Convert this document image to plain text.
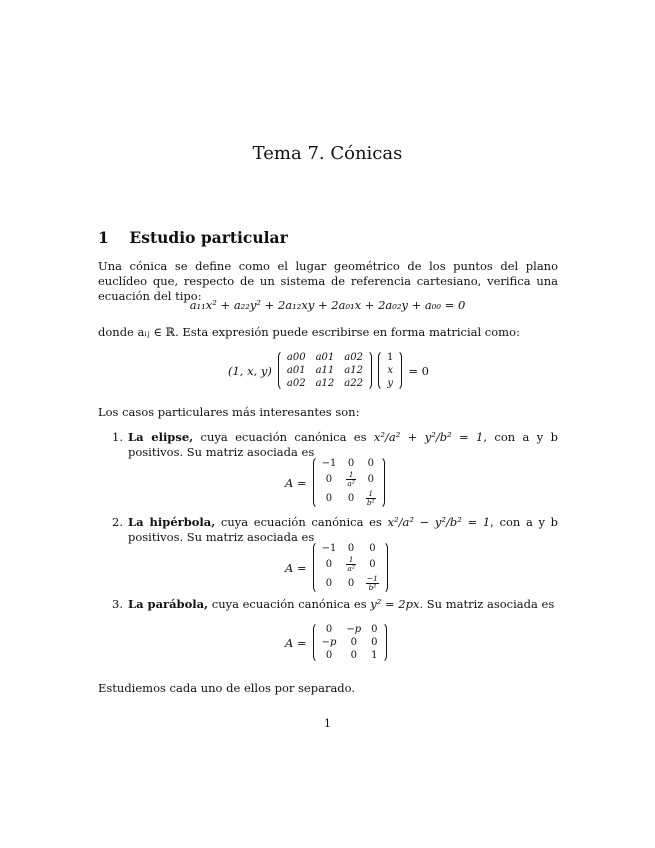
Tema 7. Cónicas
1 Estudio particular
Una cónica se define como el lugar geométrico de los puntos del plano euclídeo que, respecto de un sistema de referencia cartesiano, verifica una ecuación del tipo:
a₁₁x² + a₂₂y² + 2a₁₂xy + 2a₀₁x + 2a₀₂y + a₀₀ = 0
donde aᵢⱼ ∈ ℝ. Esta expresión puede escribirse en forma matricial como:
(1, x, y)
a00 a01 a02
a01 a11 a12
a02 a12 a22
1
x
y
= 0
Los casos particulares más interesantes son:
1. La elipse, cuya ecuación canónica es x²/a² + y²/b² = 1, con a y b positivos. Su matriz asociada es
A =
−1 0 0
0	$\frac{1}{\text{a²}} 0$
0	$0 \frac{1}{\text{b²}}$
2. La hipérbola, cuya ecuación canónica es x²/a² − y²/b² = 1, con a y b positivos. Su matriz asociada es
A =
−1 0	0
0	$\frac{1}{\text{a²}}$	0
0	$0 \frac{-1}{\text{b²}}$
3. La parábola, cuya ecuación canónica es y² = 2px. Su matriz asociada es
A =
0	−p 0
−p	0	0
0	0	1
Estudiemos cada uno de ellos por separado.
1
